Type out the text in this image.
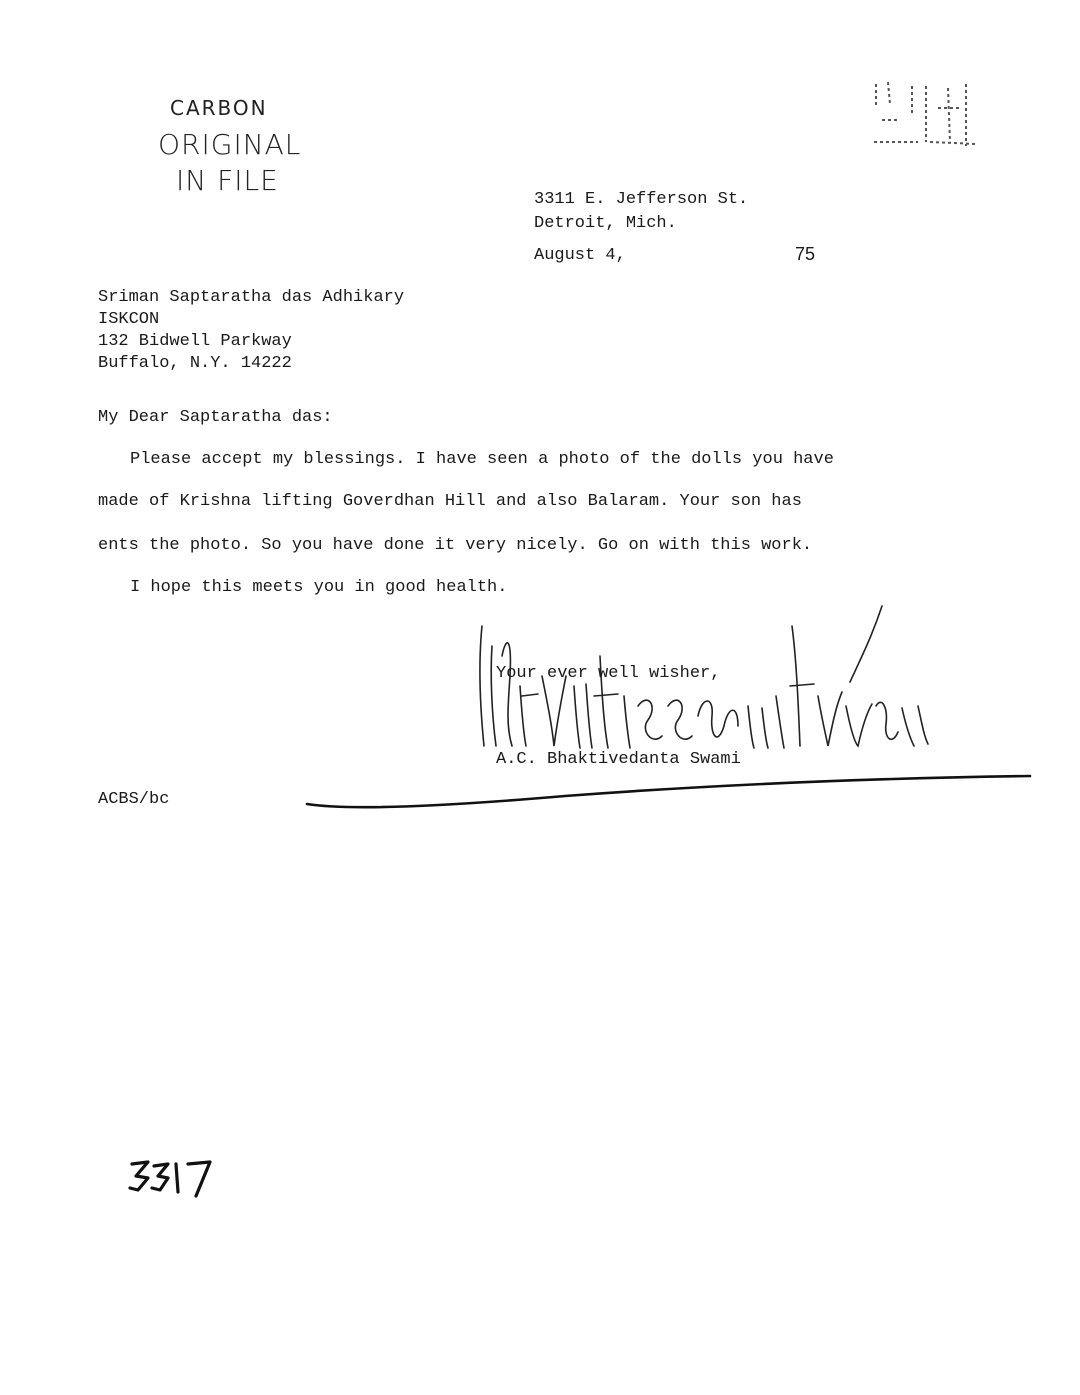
CARBON
ORIGINAL
IN FILE
3311 E. Jefferson St.
Detroit, Mich.
August 4,	75
Sriman Saptaratha das Adhikary
ISKCON
132 Bidwell Parkway
Buffalo, N.Y. 14222
My Dear Saptaratha das:
Please accept my blessings. I have seen a photo of the dolls you have
made of Krishna lifting Goverdhan Hill and also Balaram. Your son has
ents the photo. So you have done it very nicely. Go on with this work.
I hope this meets you in good health.
Your ever well wisher,
A.C. Bhaktivedanta Swami
ACBS/bc
